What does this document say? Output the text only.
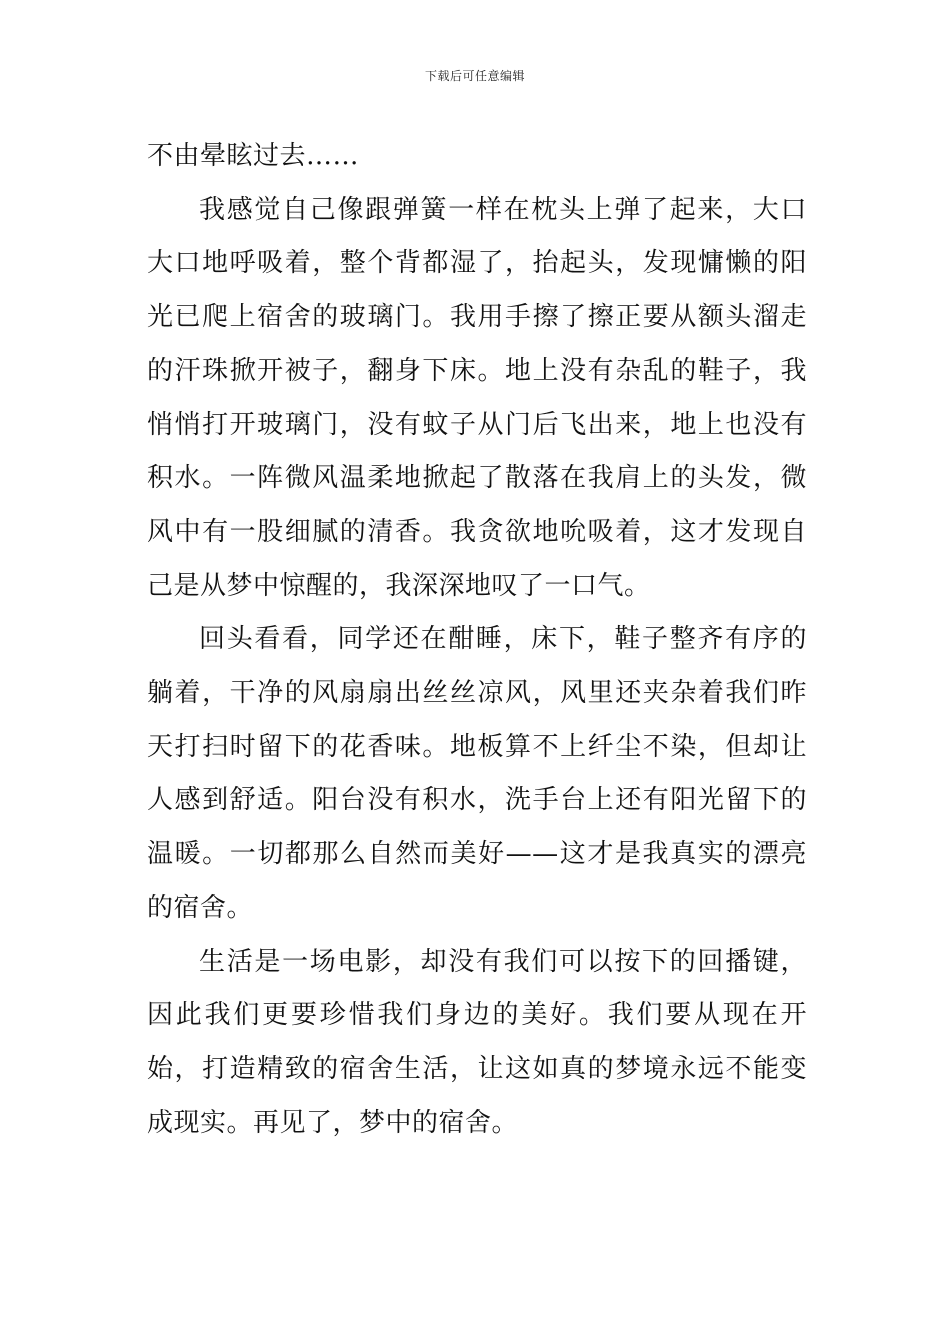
下载后可任意编辑

不由晕眩过去……

我感觉自己像跟弹簧一样在枕头上弹了起来，大口大口地呼吸着，整个背都湿了，抬起头，发现慵懒的阳光已爬上宿舍的玻璃门。我用手擦了擦正要从额头溜走的汗珠掀开被子，翻身下床。地上没有杂乱的鞋子，我悄悄打开玻璃门，没有蚊子从门后飞出来，地上也没有积水。一阵微风温柔地掀起了散落在我肩上的头发，微风中有一股细腻的清香。我贪欲地吮吸着，这才发现自己是从梦中惊醒的，我深深地叹了一口气。

回头看看，同学还在酣睡，床下，鞋子整齐有序的躺着，干净的风扇扇出丝丝凉风，风里还夹杂着我们昨天打扫时留下的花香味。地板算不上纤尘不染，但却让人感到舒适。阳台没有积水，洗手台上还有阳光留下的温暖。一切都那么自然而美好——这才是我真实的漂亮的宿舍。

生活是一场电影，却没有我们可以按下的回播键，因此我们更要珍惜我们身边的美好。我们要从现在开始，打造精致的宿舍生活，让这如真的梦境永远不能变成现实。再见了，梦中的宿舍。
